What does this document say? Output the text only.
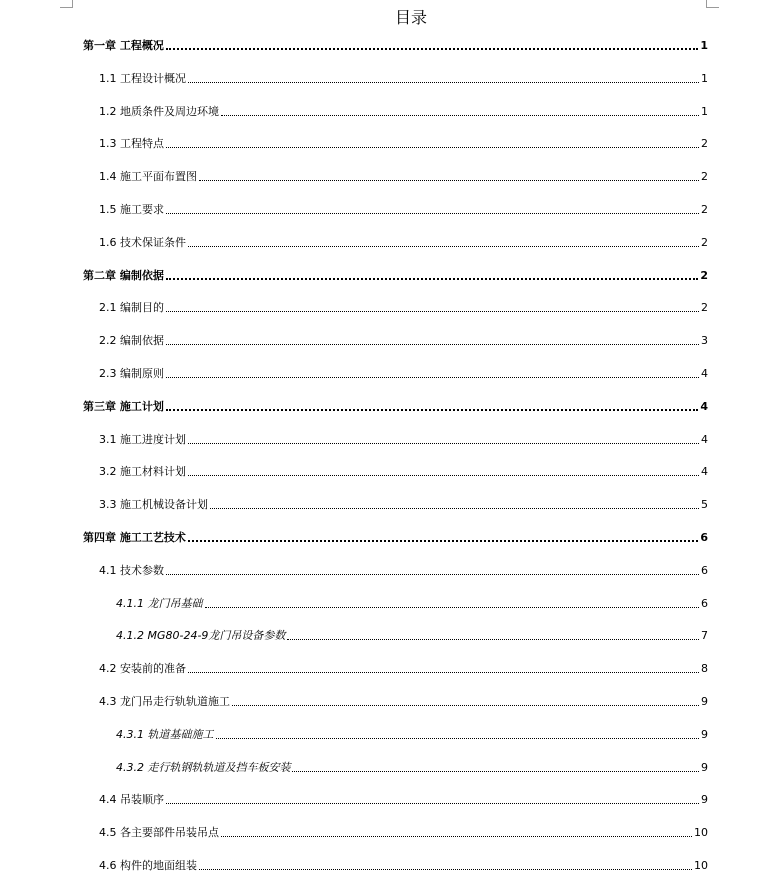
目录
第一章 工程概况	1
1.1 工程设计概况	1
1.2 地质条件及周边环境	1
1.3 工程特点	2
1.4 施工平面布置图	2
1.5 施工要求	2
1.6 技术保证条件	2
第二章 编制依据	2
2.1 编制目的	2
2.2 编制依据	3
2.3 编制原则	4
第三章 施工计划	4
3.1 施工进度计划	4
3.2 施工材料计划	4
3.3 施工机械设备计划	5
第四章 施工工艺技术	6
4.1 技术参数	6
4.1.1 龙门吊基础	6
4.1.2 MG80-24-9龙门吊设备参数	7
4.2 安装前的准备	8
4.3 龙门吊走行轨轨道施工	9
4.3.1 轨道基础施工	9
4.3.2 走行轨钢轨轨道及挡车板安装	9
4.4 吊装顺序	9
4.5 各主要部件吊装吊点	10
4.6 构件的地面组装	10
